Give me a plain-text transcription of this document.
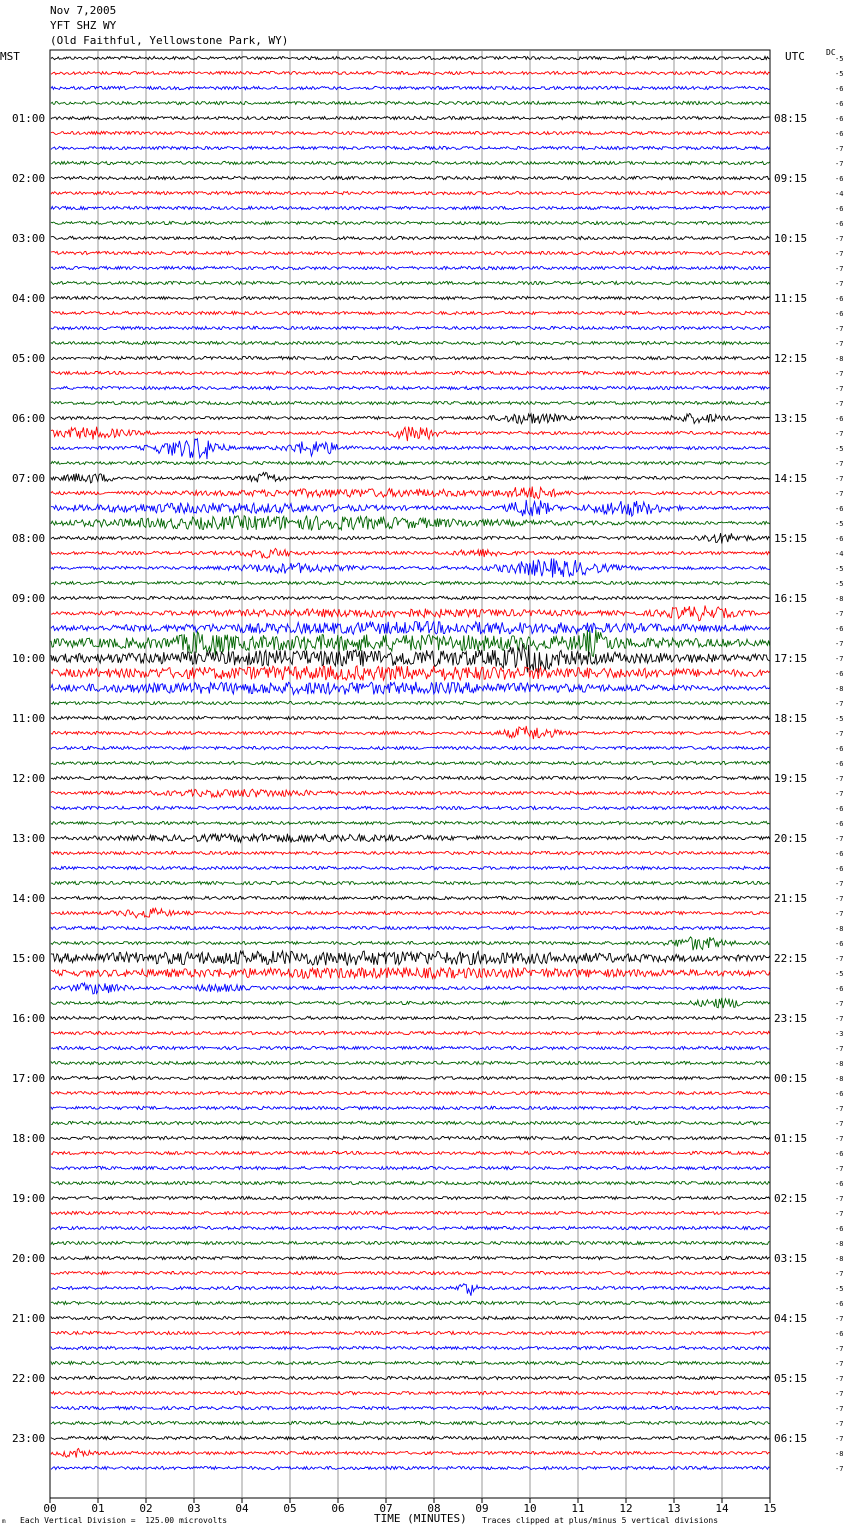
Nov 7,2005
YFT SHZ WY
(Old Faithful, Yellowstone Park, WY)
MST	UTC	DC
-5
-5
-6
-6
-6
-6
-7
-7
-6
-4
-6
-6
-7
-7
-7
-7
-6
-6
-7
-7
-8
-7
-7
-7
-6
-7
-5
-7
-7
-7
-6
-5
-6
-4
-5
-5
-8
-7
-6
-7
-7
-6
-8
-7
-5
-7
-6
-6
-7
-7
-6
-6
-7
-6
-6
-7
-7
-7
-8
-6
-7
-5
-6
-7
-7
-3
-7
-8
-8
-6
-7
-7
-7
-6
-7
-6
-7
-7
-6
-8
-8
-7
-5
-6
-7
-6
-7
-7
-7
-7
-7
-7
-7
-8
-7
01:00
02:00
03:00
04:00
05:00
06:00
07:00
08:00
09:00
10:00
11:00
12:00
13:00
14:00
15:00
16:00
17:00
18:00
19:00
20:00
21:00
22:00
23:00
08:15
09:15
10:15
11:15
12:15
13:15
14:15
15:15
16:15
17:15
18:15
19:15
20:15
21:15
22:15
23:15
00:15
01:15
02:15
03:15
04:15
05:15
06:15
00	01	02	03	04	05	06	07	08	09	10	11	12	13	14	15
m Each Vertical Division =  125.00 microvolts	TIME (MINUTES) Traces clipped at plus/minus 5 vertical divisions
